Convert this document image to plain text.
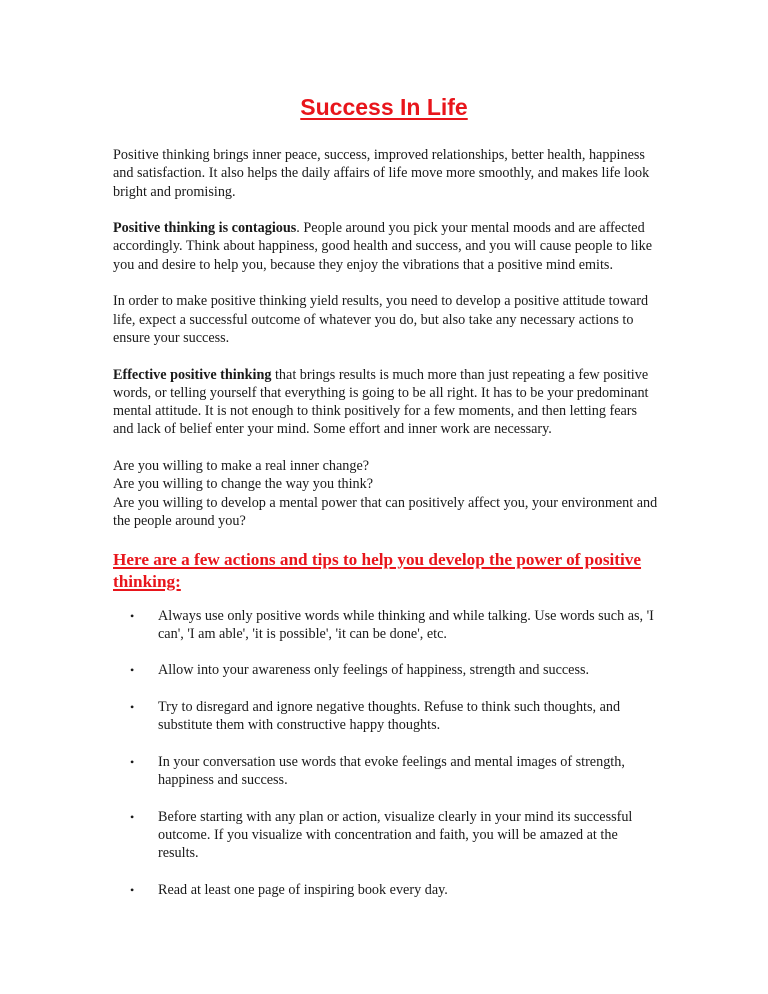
Success In Life

Positive thinking brings inner peace, success, improved relationships, better health, happiness and satisfaction. It also helps the daily affairs of life move more smoothly, and makes life look bright and promising.

Positive thinking is contagious. People around you pick your mental moods and are affected accordingly. Think about happiness, good health and success, and you will cause people to like you and desire to help you, because they enjoy the vibrations that a positive mind emits.

In order to make positive thinking yield results, you need to develop a positive attitude toward life, expect a successful outcome of whatever you do, but also take any necessary actions to ensure your success.

Effective positive thinking that brings results is much more than just repeating a few positive words, or telling yourself that everything is going to be all right. It has to be your predominant mental attitude. It is not enough to think positively for a few moments, and then letting fears and lack of belief enter your mind. Some effort and inner work are necessary.

Are you willing to make a real inner change?

Are you willing to change the way you think?

Are you willing to develop a mental power that can positively affect you, your environment and the people around you?

Here are a few actions and tips to help you develop the power of positive thinking:
• Always use only positive words while thinking and while talking. Use words such as, 'I can', 'I am able', 'it is possible', 'it can be done', etc.
• Allow into your awareness only feelings of happiness, strength and success.
• Try to disregard and ignore negative thoughts. Refuse to think such thoughts, and substitute them with constructive happy thoughts.
• In your conversation use words that evoke feelings and mental images of strength, happiness and success.
• Before starting with any plan or action, visualize clearly in your mind its successful outcome. If you visualize with concentration and faith, you will be amazed at the results.
• Read at least one page of inspiring book every day.
